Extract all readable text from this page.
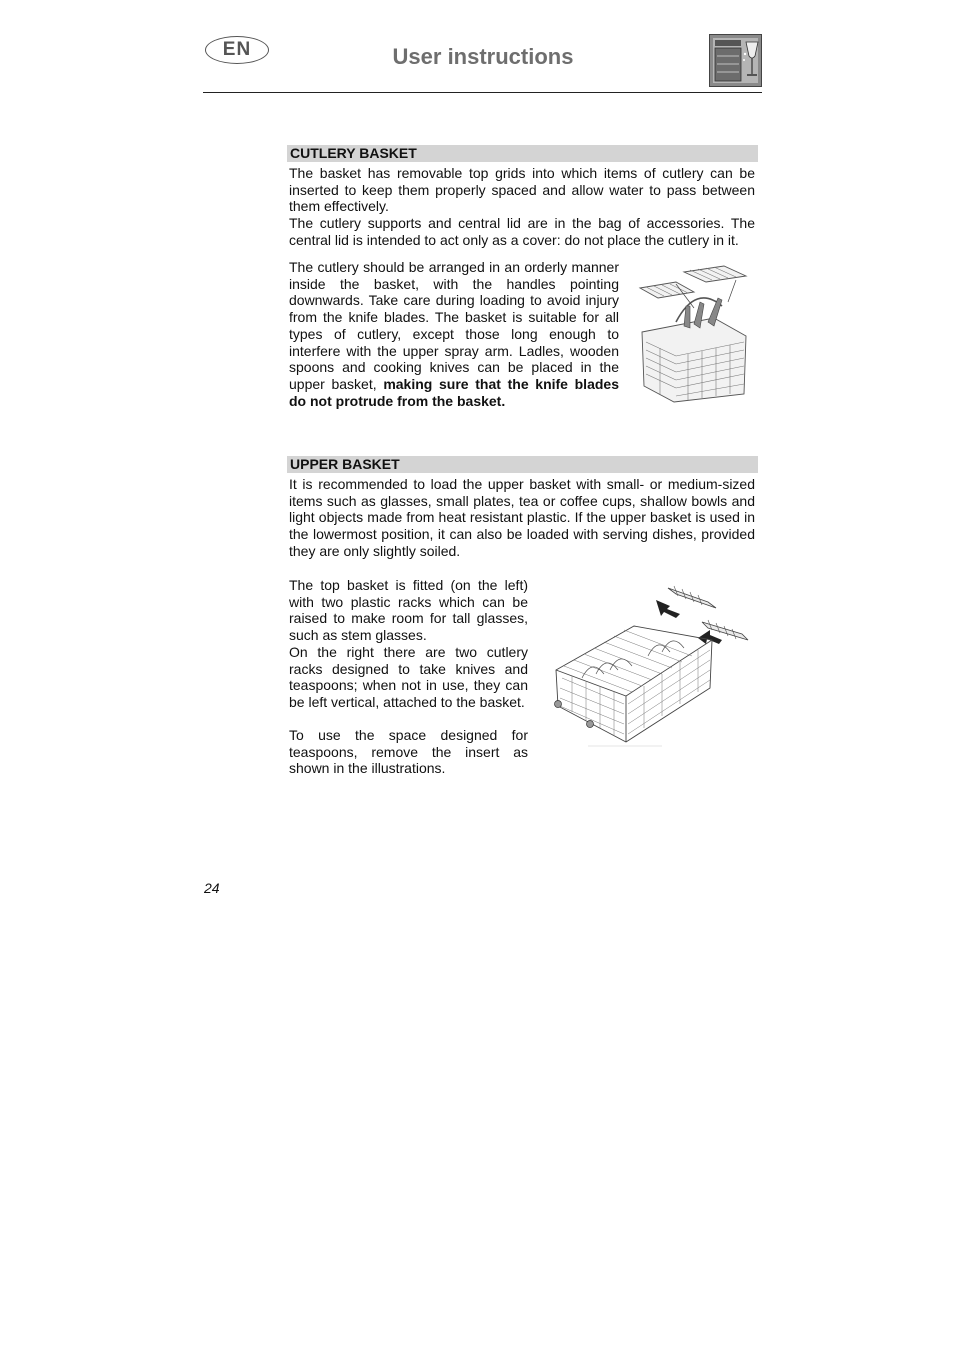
EN	User instructions
CUTLERY BASKET

The basket has removable top grids into which items of cutlery can be inserted to keep them properly spaced and allow water to pass between them effectively.

The cutlery supports and central lid are in the bag of accessories. The central lid is intended to act only as a cover: do not place the cutlery in it.

The cutlery should be arranged in an orderly manner inside the basket, with the handles pointing downwards. Take care during loading to avoid injury from the knife blades. The basket is suitable for all types of cutlery, except those long enough to interfere with the upper spray arm. Ladles, wooden spoons and cooking knives can be placed in the upper basket, making sure that the knife blades do not protrude from the basket.

UPPER BASKET

It is recommended to load the upper basket with small- or medium-sized items such as glasses, small plates, tea or coffee cups, shallow bowls and light objects made from heat resistant plastic. If the upper basket is used in the lowermost position, it can also be loaded with serving dishes, provided they are only slightly soiled.

The top basket is fitted (on the left) with two plastic racks which can be raised to make room for tall glasses, such as stem glasses.

On the right there are two cutlery racks designed to take knives and teaspoons; when not in use, they can be left vertical, attached to the basket.

To use the space designed for teaspoons, remove the insert as shown in the illustrations.

24
